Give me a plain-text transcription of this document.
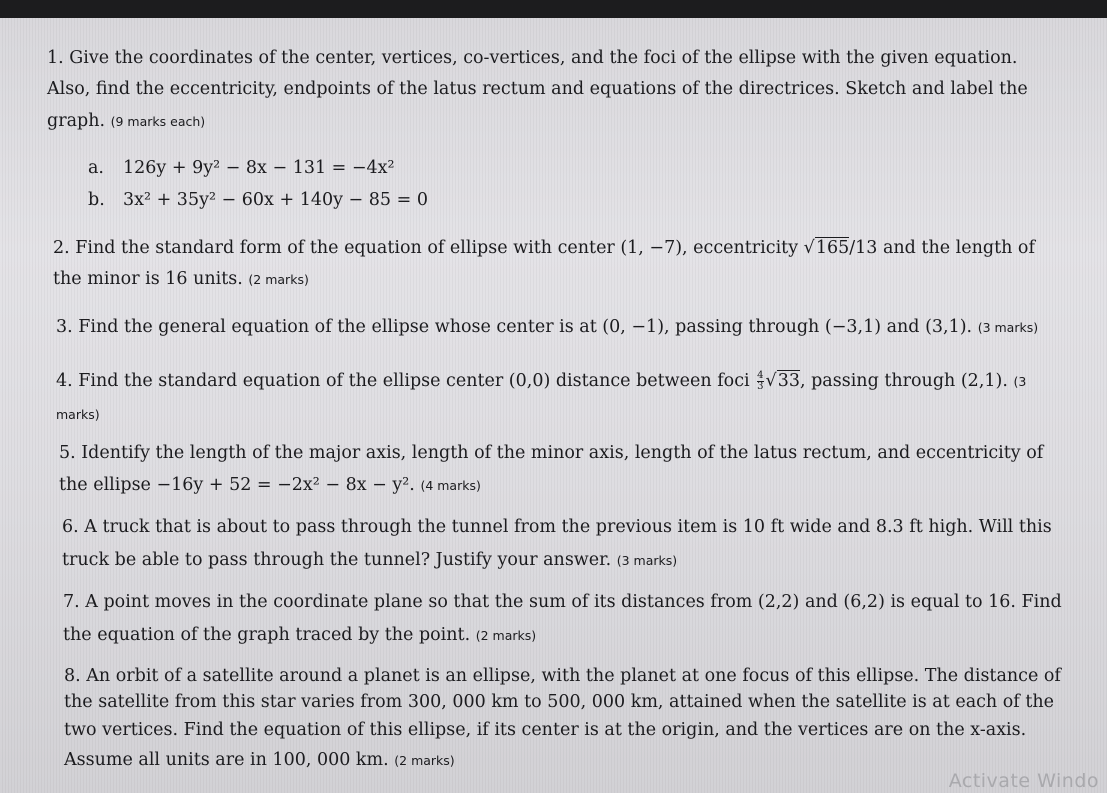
1. Give the coordinates of the center, vertices, co-vertices, and the foci of the ellipse with the given equation.
Also, find the eccentricity, endpoints of the latus rectum and equations of the directrices. Sketch and label the
graph. (9 marks each)
a. 126y + 9y² − 8x − 131 = −4x²
b. 3x² + 35y² − 60x + 140y − 85 = 0
2. Find the standard form of the equation of ellipse with center (1, −7), eccentricity √165/13 and the length of
the minor is 16 units. (2 marks)
3. Find the general equation of the ellipse whose center is at (0, −1), passing through (−3,1) and (3,1). (3 marks)
4. Find the standard equation of the ellipse center (0,0) distance between foci $\frac{4}{3} √33$, passing through (2,1). (3
marks)
5. Identify the length of the major axis, length of the minor axis, length of the latus rectum, and eccentricity of
the ellipse −16y + 52 = −2x² − 8x − y². (4 marks)
6. A truck that is about to pass through the tunnel from the previous item is 10 ft wide and 8.3 ft high. Will this
truck be able to pass through the tunnel? Justify your answer. (3 marks)
7. A point moves in the coordinate plane so that the sum of its distances from (2,2) and (6,2) is equal to 16. Find
the equation of the graph traced by the point. (2 marks)
8. An orbit of a satellite around a planet is an ellipse, with the planet at one focus of this ellipse. The distance of
the satellite from this star varies from 300, 000 km to 500, 000 km, attained when the satellite is at each of the
two vertices. Find the equation of this ellipse, if its center is at the origin, and the vertices are on the x-axis.
Assume all units are in 100, 000 km. (2 marks)
Activate Windo
